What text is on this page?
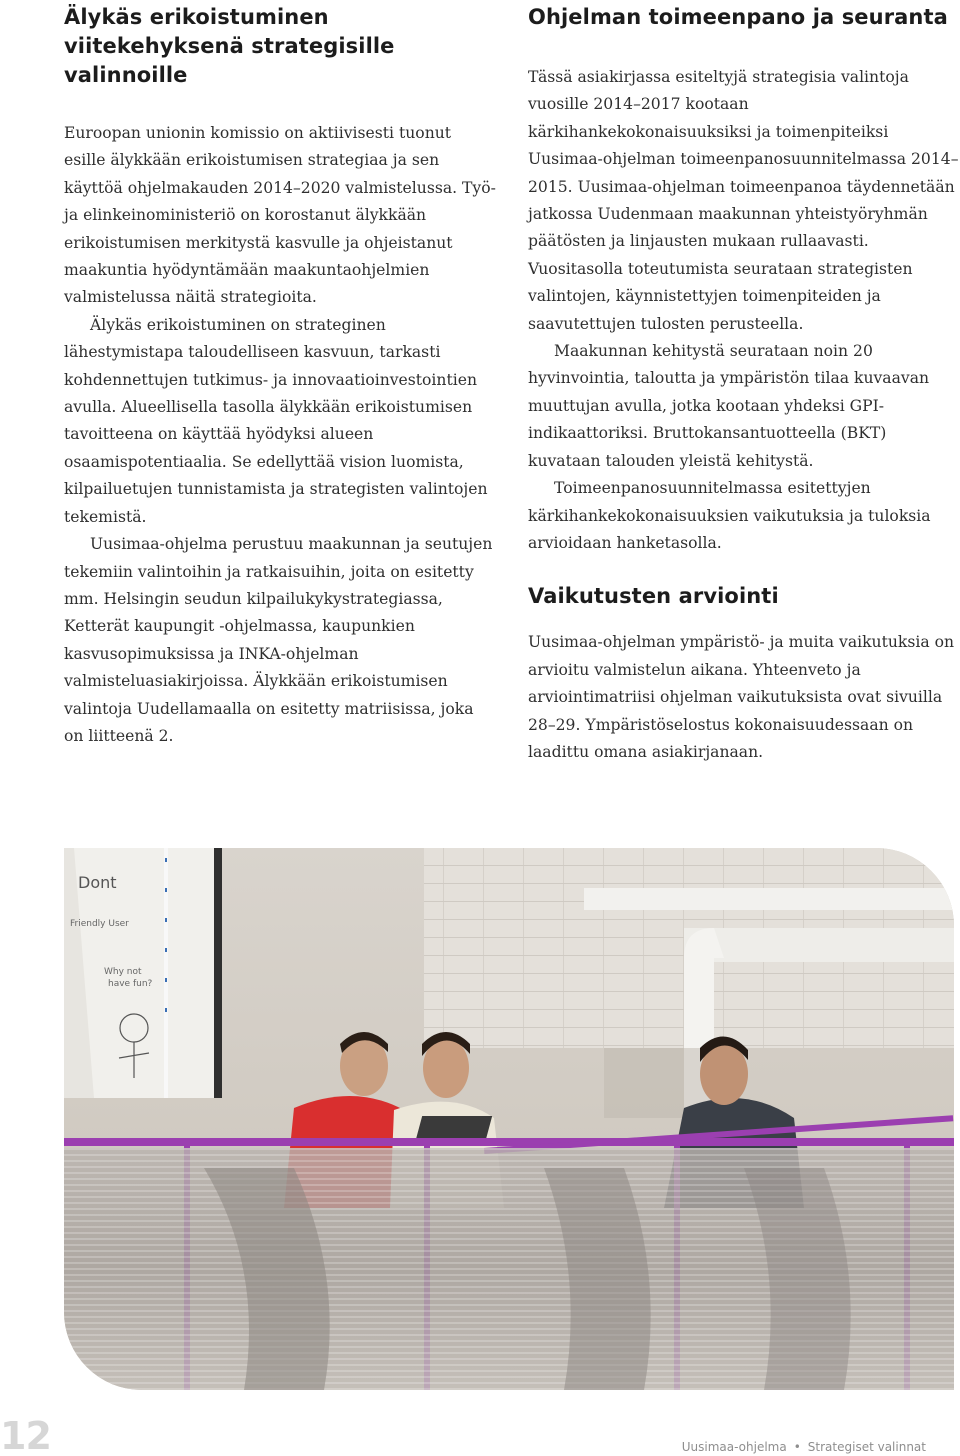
Älykäs erikoistuminen viitekehyksenä strategisille valinnoille

Euroopan unionin komissio on aktiivisesti tuonut esille älykkään erikoistumisen strategiaa ja sen käyttöä ohjelmakauden 2014–2020 valmistelussa. Työ- ja elinkeinoministeriö on korostanut älykkään erikoistumisen merkitystä kasvulle ja ohjeistanut maakuntia hyödyntämään maakuntaohjelmien valmistelussa näitä strategioita.

Älykäs erikoistuminen on strateginen lähestymistapa taloudelliseen kasvuun, tarkasti kohdennettujen tutkimus- ja innovaatioinvestointien avulla. Alueellisella tasolla älykkään erikoistumisen tavoitteena on käyttää hyödyksi alueen osaamispotentiaalia. Se edellyttää vision luomista, kilpailuetujen tunnistamista ja strategisten valintojen tekemistä.

Uusimaa-ohjelma perustuu maakunnan ja seutujen tekemiin valintoihin ja ratkaisuihin, joita on esitetty mm. Helsingin seudun kilpailukykystrategiassa, Ketterät kaupungit -ohjelmassa, kaupunkien kasvusopimuksissa ja INKA-ohjelman valmisteluasiakirjoissa. Älykkään erikoistumisen valintoja Uudellamaalla on esitetty matriisissa, joka on liitteenä 2.

Ohjelman toimeenpano ja seuranta

Tässä asiakirjassa esiteltyjä strategisia valintoja vuosille 2014–2017 kootaan kärkihankekokonaisuuksiksi ja toimenpiteiksi Uusimaa-ohjelman toimeenpanosuunnitelmassa 2014–2015. Uusimaa-ohjelman toimeenpanoa täydennetään jatkossa Uudenmaan maakunnan yhteistyöryhmän päätösten ja linjausten mukaan rullaavasti. Vuositasolla toteutumista seurataan strategisten valintojen, käynnistettyjen toimenpiteiden ja saavutettujen tulosten perusteella.

Maakunnan kehitystä seurataan noin 20 hyvinvointia, taloutta ja ympäristön tilaa kuvaavan muuttujan avulla, jotka kootaan yhdeksi GPI-indikaattoriksi. Bruttokansantuotteella (BKT) kuvataan talouden yleistä kehitystä.

Toimeenpanosuunnitelmassa esitettyjen kärkihankekokonaisuuksien vaikutuksia ja tuloksia arvioidaan hanketasolla.

Vaikutusten arviointi

Uusimaa-ohjelman ympäristö- ja muita vaikutuksia on arvioitu valmistelun aikana. Yhteenveto ja arviointimatriisi ohjelman vaikutuksista ovat sivuilla 28–29. Ympäristöselostus kokonaisuudessaan on laadittu omana asiakirjanaan.

Dont
Friendly User
Why not
have fun?
12	Uusimaa-ohjelma • Strategiset valinnat
